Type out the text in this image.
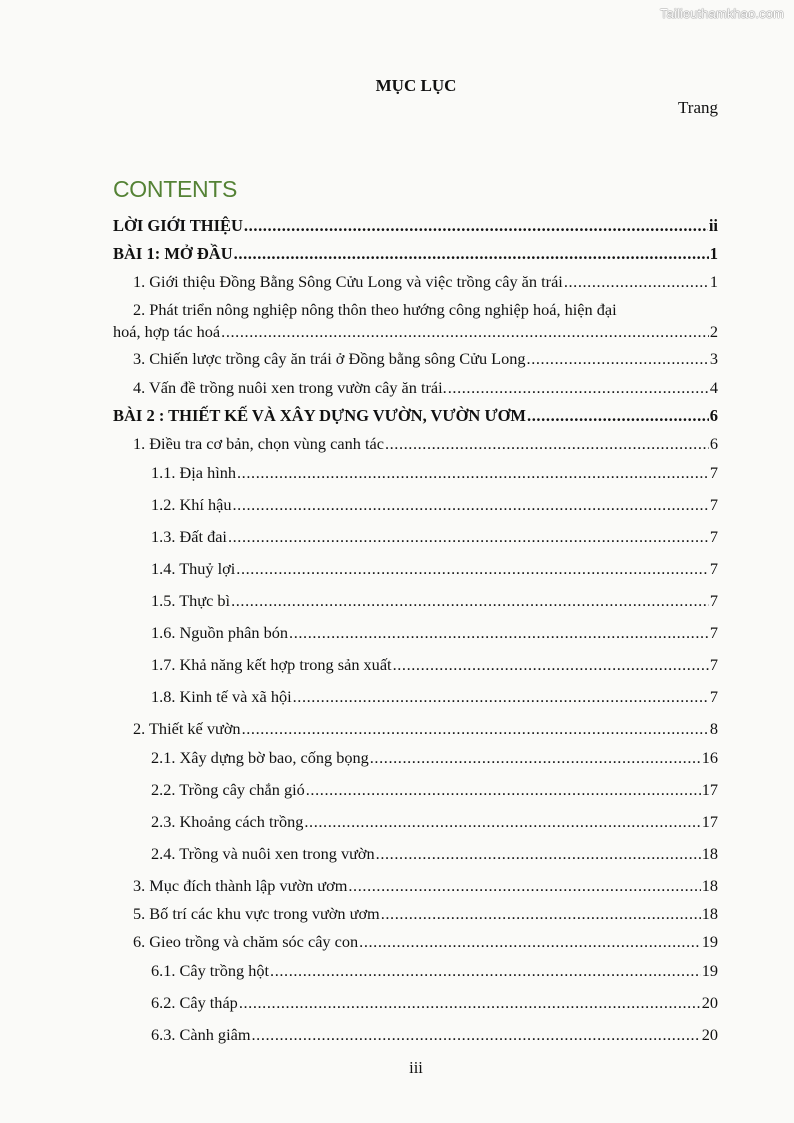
Tailieuthamkhao.com
MỤC LỤC
Trang
CONTENTS
LỜI GIỚI THIỆU .....	ii
BÀI 1: MỞ ĐẦU .....	1
1. Giới thiệu Đồng Bằng Sông Cửu Long và việc trồng cây ăn trái .....	1
2. Phát triển nông nghiệp nông thôn theo hướng công nghiệp hoá, hiện đại
hoá, hợp tác hoá .....	2
3. Chiến lược trồng cây ăn trái ở Đồng bằng sông Cửu Long .....	3
4. Vấn đề trồng nuôi xen trong vườn cây ăn trái. .....	4
BÀI 2 : THIẾT KẾ VÀ XÂY DỰNG VƯỜN, VƯỜN ƯƠM .....	6
1. Điều tra cơ bản, chọn vùng canh tác .....	6
1.1. Địa hình .....	7
1.2. Khí hậu .....	7
1.3. Đất đai .....	7
1.4. Thuỷ lợi .....	7
1.5. Thực bì .....	7
1.6. Nguồn phân bón .....	7
1.7. Khả năng kết hợp trong sản xuất .....	7
1.8. Kinh tế và xã hội .....	7
2. Thiết kế vườn .....	8
2.1. Xây dựng bờ bao, cống bọng .....	16
2.2. Trồng cây chắn gió .....	17
2.3. Khoảng cách trồng .....	17
2.4. Trồng và nuôi xen trong vườn .....	18
3. Mục đích thành lập vườn ươm .....	18
5. Bố trí các khu vực trong vườn ươm .....	18
6. Gieo trồng và chăm sóc cây con .....	19
6.1. Cây trồng hột .....	19
6.2. Cây tháp .....	20
6.3. Cành giâm .....	20
iii
